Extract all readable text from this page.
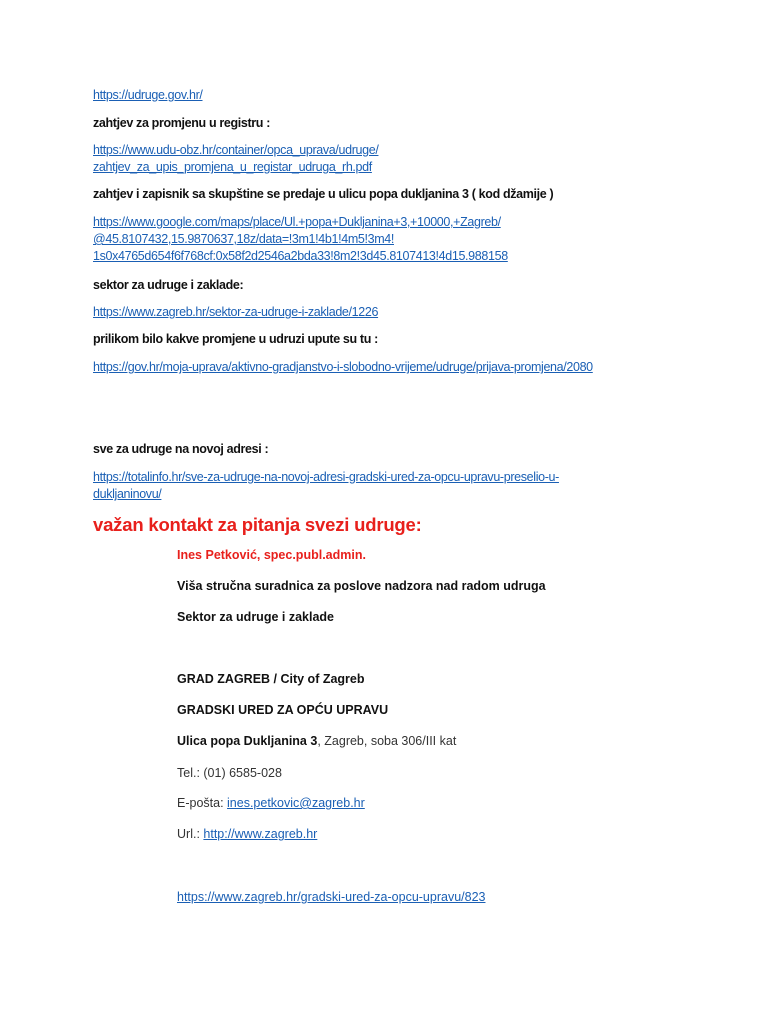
https://udruge.gov.hr/
zahtjev za promjenu u registru :
https://www.udu-obz.hr/container/opca_uprava/udruge/
zahtjev_za_upis_promjena_u_registar_udruga_rh.pdf
zahtjev i zapisnik sa skupštine se predaje u ulicu popa dukljanina 3 ( kod džamije )
https://www.google.com/maps/place/Ul.+popa+Dukljanina+3,+10000,+Zagreb/
@45.8107432,15.9870637,18z/data=!3m1!4b1!4m5!3m4!
1s0x4765d654f6f768cf:0x58f2d2546a2bda33!8m2!3d45.8107413!4d15.988158
sektor za udruge i zaklade:
https://www.zagreb.hr/sektor-za-udruge-i-zaklade/1226
prilikom bilo kakve promjene u udruzi upute su tu :
https://gov.hr/moja-uprava/aktivno-gradjanstvo-i-slobodno-vrijeme/udruge/prijava-promjena/2080
sve za udruge na novoj adresi :
https://totalinfo.hr/sve-za-udruge-na-novoj-adresi-gradski-ured-za-opcu-upravu-preselio-u-
dukljaninovu/
važan kontakt za pitanja svezi udruge:
Ines Petković, spec.publ.admin.
Viša stručna suradnica za poslove nadzora nad radom udruga
Sektor za udruge i zaklade
GRAD ZAGREB / City of Zagreb
GRADSKI URED ZA OPĆU UPRAVU
Ulica popa Dukljanina 3, Zagreb, soba 306/III kat
Tel.: (01) 6585-028
E-pošta: ines.petkovic@zagreb.hr
Url.: http://www.zagreb.hr
https://www.zagreb.hr/gradski-ured-za-opcu-upravu/823
